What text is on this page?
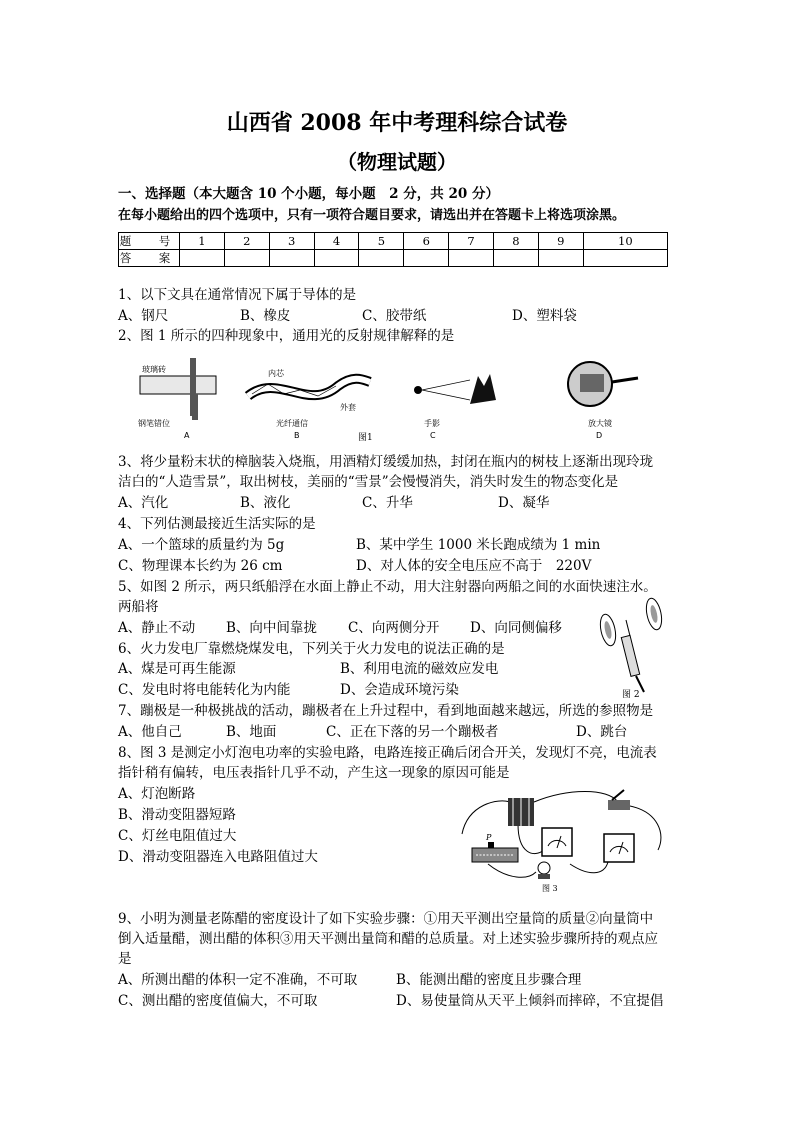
山西省 2008 年中考理科综合试卷
（物理试题）
一、选择题（本大题含 10 个小题，每小题　2 分，共 20 分）
在每小题给出的四个选项中，只有一项符合题目要求，请选出并在答题卡上将选项涂黑。
题　号	1	2	3	4	5	6	7	8	9	10
答　案										
1、以下文具在通常情况下属于导体的是
A、钢尺	B、橡皮	C、胶带纸	D、塑料袋
2、图 1 所示的四种现象中，通用光的反射规律解释的是
玻璃砖
钢笔错位
A
内芯
外套
光纤通信
B	图1
手影
C
放大镜
D
3、将少量粉末状的樟脑装入烧瓶，用酒精灯缓缓加热，封闭在瓶内的树枝上逐渐出现玲珑
洁白的“人造雪景”，取出树枝，美丽的“雪景”会慢慢消失，消失时发生的物态变化是
A、汽化	B、液化	C、升华	D、凝华
4、下列估测最接近生活实际的是
A、一个篮球的质量约为 5g	B、某中学生 1000 米长跑成绩为 1 min
C、物理课本长约为 26 cm	D、对人体的安全电压应不高于　220V
5、如图 2 所示，两只纸船浮在水面上静止不动，用大注射器向两船之间的水面快速注水。
两船将
A、静止不动 B、向中间靠拢 C、向两侧分开 D、向同侧偏移
图 2
6、火力发电厂靠燃烧煤发电，下列关于火力发电的说法正确的是
A、煤是可再生能源	B、利用电流的磁效应发电
C、发电时将电能转化为内能	D、会造成环境污染
7、蹦极是一种极挑战的活动，蹦极者在上升过程中，看到地面越来越远，所选的参照物是
A、他自己	B、地面	C、正在下落的另一个蹦极者	D、跳台
8、图 3 是测定小灯泡电功率的实验电路，电路连接正确后闭合开关，发现灯不亮，电流表
指针稍有偏转，电压表指针几乎不动，产生这一现象的原因可能是
A、灯泡断路
B、滑动变阻器短路
C、灯丝电阻值过大
D、滑动变阻器连入电路阻值过大
P
图 3
9、小明为测量老陈醋的密度设计了如下实验步骤：①用天平测出空量筒的质量②向量筒中
倒入适量醋，测出醋的体积③用天平测出量筒和醋的总质量。对上述实验步骤所持的观点应
是
A、所测出醋的体积一定不准确，不可取	B、能测出醋的密度且步骤合理
C、测出醋的密度值偏大，不可取	D、易使量筒从天平上倾斜而摔碎，不宜提倡
